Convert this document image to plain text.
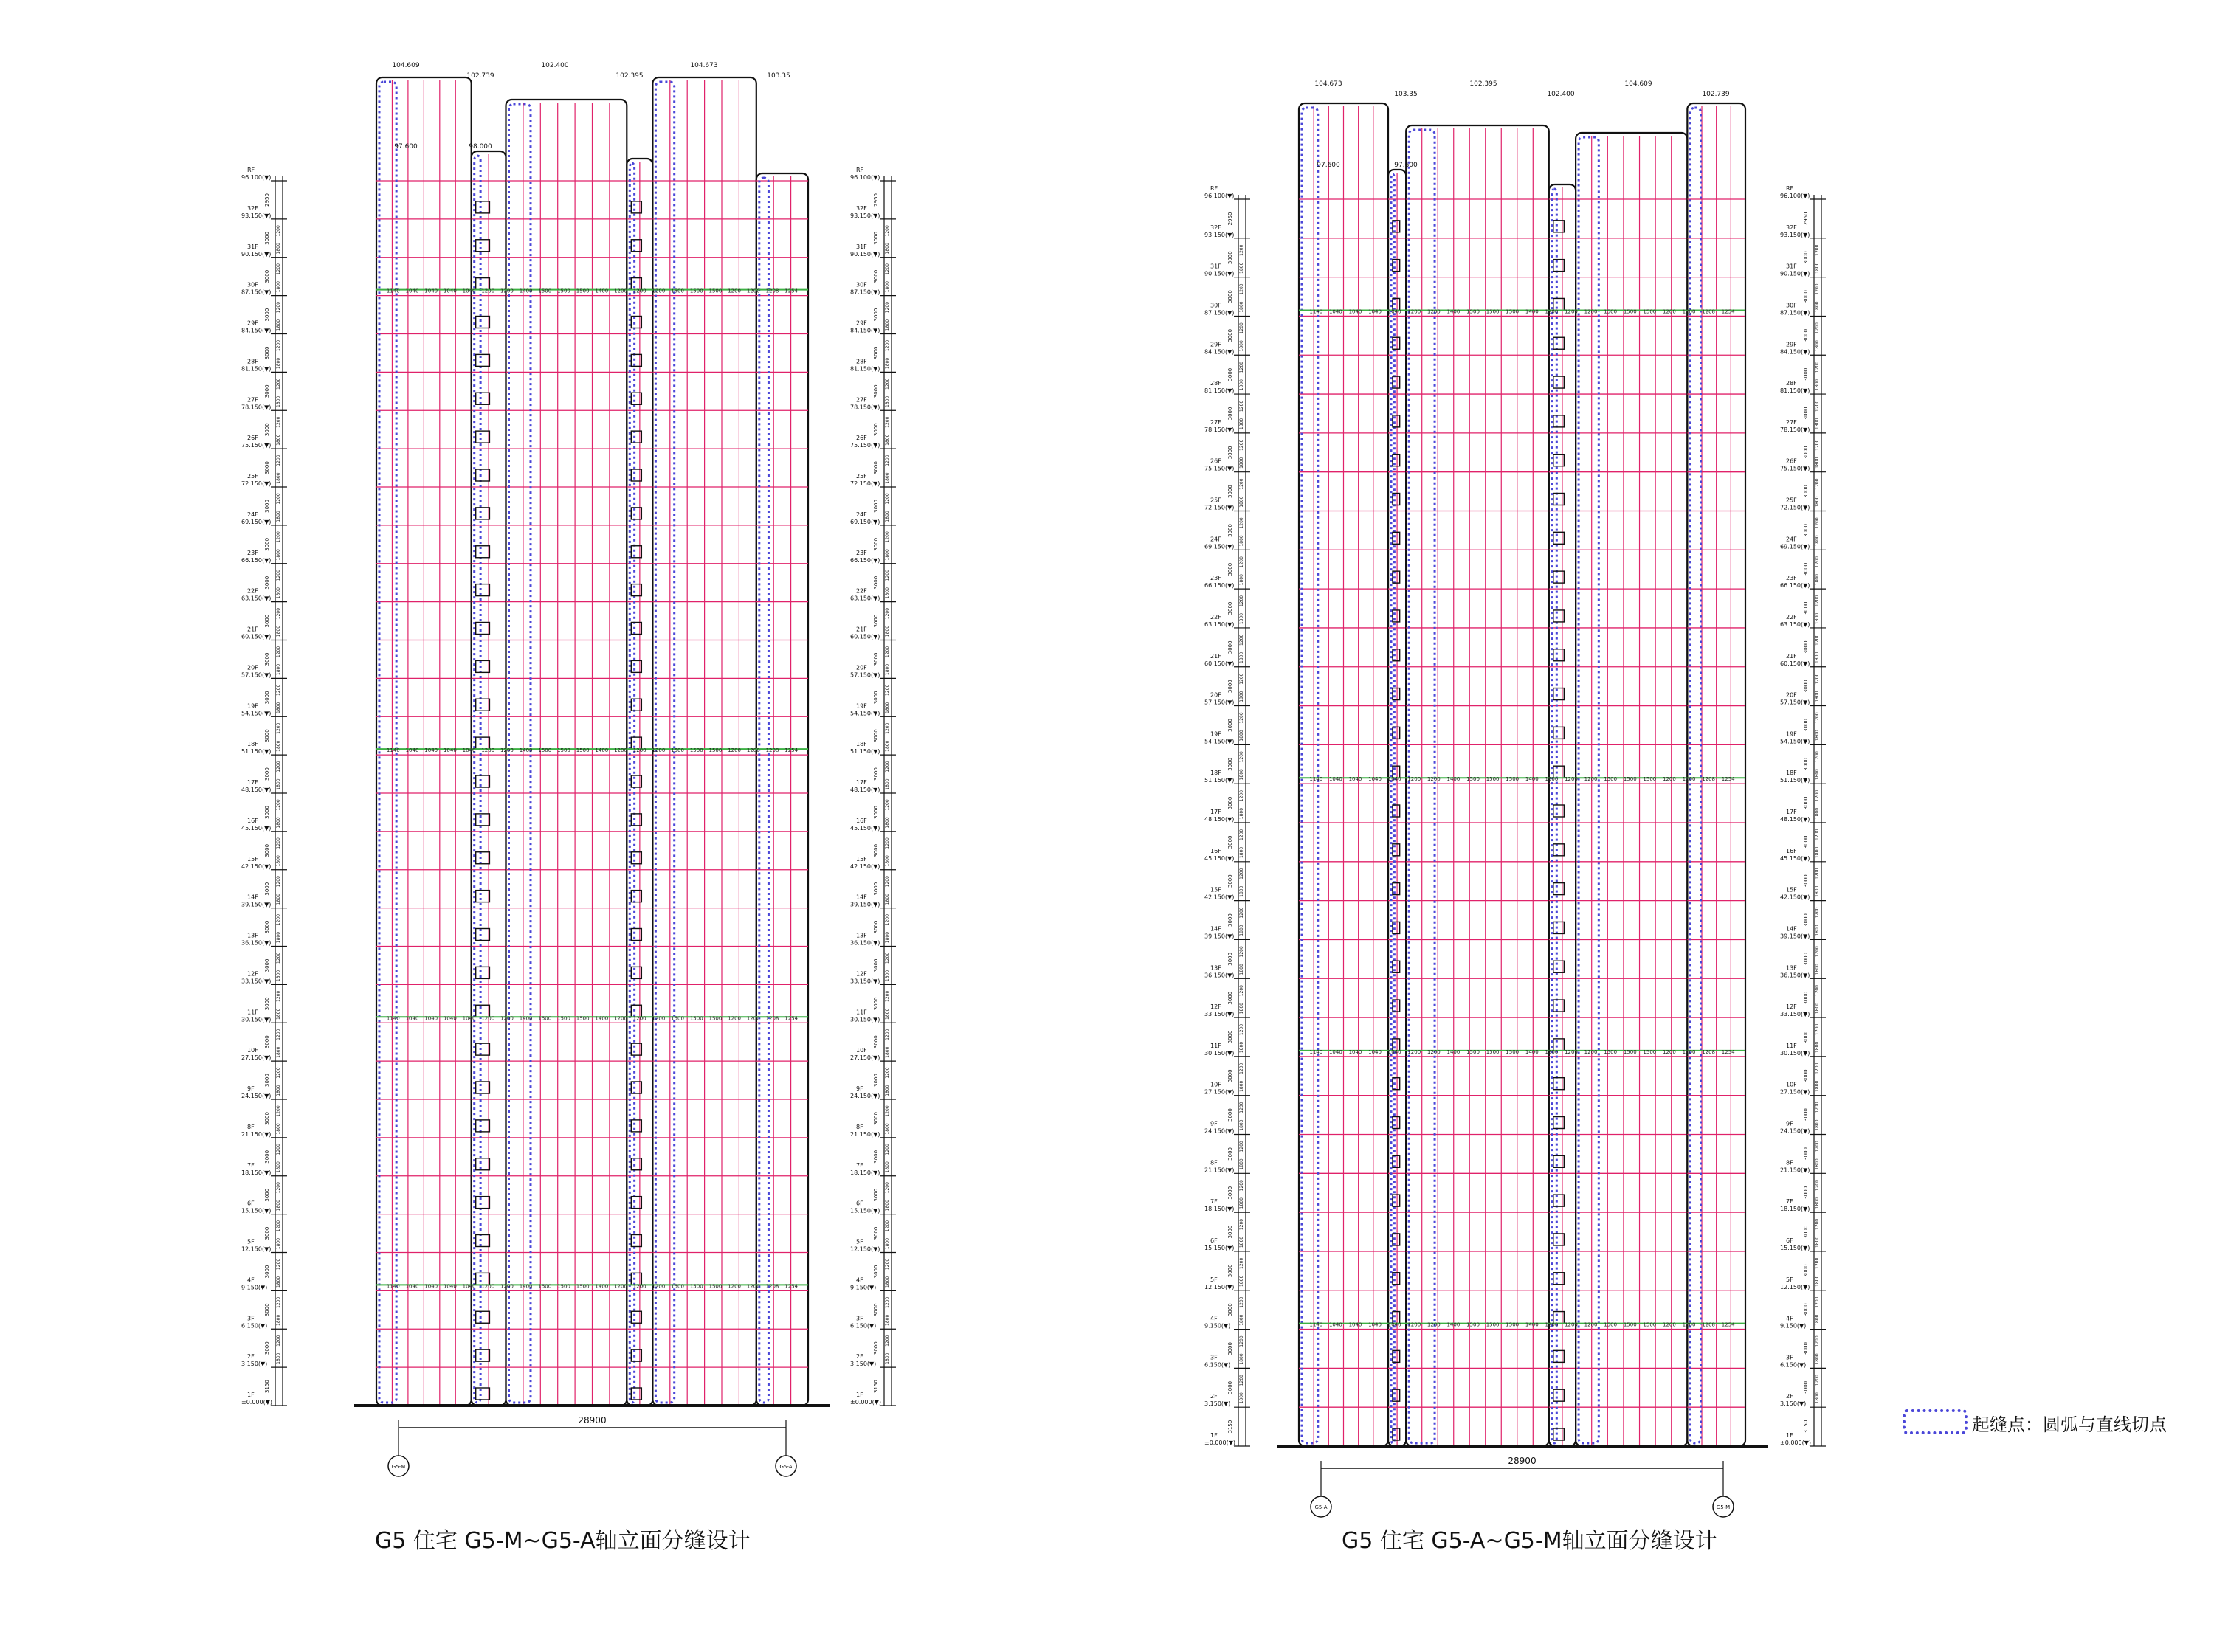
1140 1040 1040 1040 1040 1200 1200 1400 1500 1500 1500 1400 1200 1200 1200 1500 1500 1500 1200 1200 1208 1254
1140 1040 1040 1040 1040 1200 1200 1400 1500 1500 1500 1400 1200 1200 1200 1500 1500 1500 1200 1200 1208 1254
1140 1040 1040 1040 1040 1200 1200 1400 1500 1500 1500 1400 1200 1200 1200 1500 1500 1500 1200 1200 1208 1254
1140 1040 1040 1040 1040 1200 1200 1400 1500 1500 1500 1400 1200 1200 1200 1500 1500 1500 1200 1200 1208 1254
28900
G5-M	G5-A
104.609
102.739
102.400
102.395
104.673
103.35
97.600	98.000
RF
96.100(▼)
2950
32F
93.150(▼)
3000
1200
1800
31F
90.150(▼)
3000
1200
1800
30F
87.150(▼)
3000
1200
1800
29F
84.150(▼)
3000
1200
1800
28F
81.150(▼)
3000
1200
1800
27F
78.150(▼)
3000
1200
1800
26F
75.150(▼)
3000
1200
1800
25F
72.150(▼)
3000
1200
1800
24F
69.150(▼)
3000
1200
1800
23F
66.150(▼)
3000
1200
1800
22F
63.150(▼)
3000
1200
1800
21F
60.150(▼)
3000
1200
1800
20F
57.150(▼)
3000
1200
1800
19F
54.150(▼)
3000
1200
1800
18F
51.150(▼)
3000
1200
1800
17F
48.150(▼)
3000
1200
1800
16F
45.150(▼)
3000
1200
1800
15F
42.150(▼)
3000
1200
1800
14F
39.150(▼)
3000
1200
1800
13F
36.150(▼)
3000
1200
1800
12F
33.150(▼)
3000
1200
1800
11F
30.150(▼)
3000
1200
1800
10F
27.150(▼)
3000
1200
1800
9F
24.150(▼)
3000
1200
1800
8F
21.150(▼)
3000
1200
1800
7F
18.150(▼)
3000
1200
1800
6F
15.150(▼)
3000
1200
1800
5F
12.150(▼)
3000
1200
1800
4F
9.150(▼)
3000
1200
1800
3F
6.150(▼)
3000
1200
1800
2F
3.150(▼)
3150
1F
±0.000(▼)
RF
96.100(▼)
2950
32F
93.150(▼)
3000
1200
1800
31F
90.150(▼)
3000
1200
1800
30F
87.150(▼)
3000
1200
1800
29F
84.150(▼)
3000
1200
1800
28F
81.150(▼)
3000
1200
1800
27F
78.150(▼)
3000
1200
1800
26F
75.150(▼)
3000
1200
1800
25F
72.150(▼)
3000
1200
1800
24F
69.150(▼)
3000
1200
1800
23F
66.150(▼)
3000
1200
1800
22F
63.150(▼)
3000
1200
1800
21F
60.150(▼)
3000
1200
1800
20F
57.150(▼)
3000
1200
1800
19F
54.150(▼)
3000
1200
1800
18F
51.150(▼)
3000
1200
1800
17F
48.150(▼)
3000
1200
1800
16F
45.150(▼)
3000
1200
1800
15F
42.150(▼)
3000
1200
1800
14F
39.150(▼)
3000
1200
1800
13F
36.150(▼)
3000
1200
1800
12F
33.150(▼)
3000
1200
1800
11F
30.150(▼)
3000
1200
1800
10F
27.150(▼)
3000
1200
1800
9F
24.150(▼)
3000
1200
1800
8F
21.150(▼)
3000
1200
1800
7F
18.150(▼)
3000
1200
1800
6F
15.150(▼)
3000
1200
1800
5F
12.150(▼)
3000
1200
1800
4F
9.150(▼)
3000
1200
1800
3F
6.150(▼)
3000
1200
1800
2F
3.150(▼)
3150
1F
±0.000(▼)
1140 1040 1040 1040 1040 1200 1200 1400 1500 1500 1500 1400 1200 1200 1200 1500 1500 1500 1200 1200 1208 1254
1140 1040 1040 1040 1040 1200 1200 1400 1500 1500 1500 1400 1200 1200 1200 1500 1500 1500 1200 1200 1208 1254
1140 1040 1040 1040 1040 1200 1200 1400 1500 1500 1500 1400 1200 1200 1200 1500 1500 1500 1200 1200 1208 1254
1140 1040 1040 1040 1040 1200 1200 1400 1500 1500 1500 1400 1200 1200 1200 1500 1500 1500 1200 1200 1208 1254
28900
G5-A	G5-M
104.673
103.35
102.395
102.400
104.609
102.739
97.600	97.600
RF
96.100(▼)
2950
32F
93.150(▼)
3000
1200
1800
31F
90.150(▼)
3000
1200
1800
30F
87.150(▼)
3000
1200
1800
29F
84.150(▼)
3000
1200
1800
28F
81.150(▼)
3000
1200
1800
27F
78.150(▼)
3000
1200
1800
26F
75.150(▼)
3000
1200
1800
25F
72.150(▼)
3000
1200
1800
24F
69.150(▼)
3000
1200
1800
23F
66.150(▼)
3000
1200
1800
22F
63.150(▼)
3000
1200
1800
21F
60.150(▼)
3000
1200
1800
20F
57.150(▼)
3000
1200
1800
19F
54.150(▼)
3000
1200
1800
18F
51.150(▼)
3000
1200
1800
17F
48.150(▼)
3000
1200
1800
16F
45.150(▼)
3000
1200
1800
15F
42.150(▼)
3000
1200
1800
14F
39.150(▼)
3000
1200
1800
13F
36.150(▼)
3000
1200
1800
12F
33.150(▼)
3000
1200
1800
11F
30.150(▼)
3000
1200
1800
10F
27.150(▼)
3000
1200
1800
9F
24.150(▼)
3000
1200
1800
8F
21.150(▼)
3000
1200
1800
7F
18.150(▼)
3000
1200
1800
6F
15.150(▼)
3000
1200
1800
5F
12.150(▼)
3000
1200
1800
4F
9.150(▼)
3000
1200
1800
3F
6.150(▼)
3000
1200
1800
2F
3.150(▼)
3150
1F
±0.000(▼)
RF
96.100(▼)
2950
32F
93.150(▼)
3000
1200
1800
31F
90.150(▼)
3000
1200
1800
30F
87.150(▼)
3000
1200
1800
29F
84.150(▼)
3000
1200
1800
28F
81.150(▼)
3000
1200
1800
27F
78.150(▼)
3000
1200
1800
26F
75.150(▼)
3000
1200
1800
25F
72.150(▼)
3000
1200
1800
24F
69.150(▼)
3000
1200
1800
23F
66.150(▼)
3000
1200
1800
22F
63.150(▼)
3000
1200
1800
21F
60.150(▼)
3000
1200
1800
20F
57.150(▼)
3000
1200
1800
19F
54.150(▼)
3000
1200
1800
18F
51.150(▼)
3000
1200
1800
17F
48.150(▼)
3000
1200
1800
16F
45.150(▼)
3000
1200
1800
15F
42.150(▼)
3000
1200
1800
14F
39.150(▼)
3000
1200
1800
13F
36.150(▼)
3000
1200
1800
12F
33.150(▼)
3000
1200
1800
11F
30.150(▼)
3000
1200
1800
10F
27.150(▼)
3000
1200
1800
9F
24.150(▼)
3000
1200
1800
8F
21.150(▼)
3000
1200
1800
7F
18.150(▼)
3000
1200
1800
6F
15.150(▼)
3000
1200
1800
5F
12.150(▼)
3000
1200
1800
4F
9.150(▼)
3000
1200
1800
3F
6.150(▼)
3000
1200
1800
2F
3.150(▼)
3150
1F
±0.000(▼)
G5 住宅 G5-M~G5-A轴立面分缝设计	G5 住宅 G5-A~G5-M轴立面分缝设计
起缝点：圆弧与直线切点
